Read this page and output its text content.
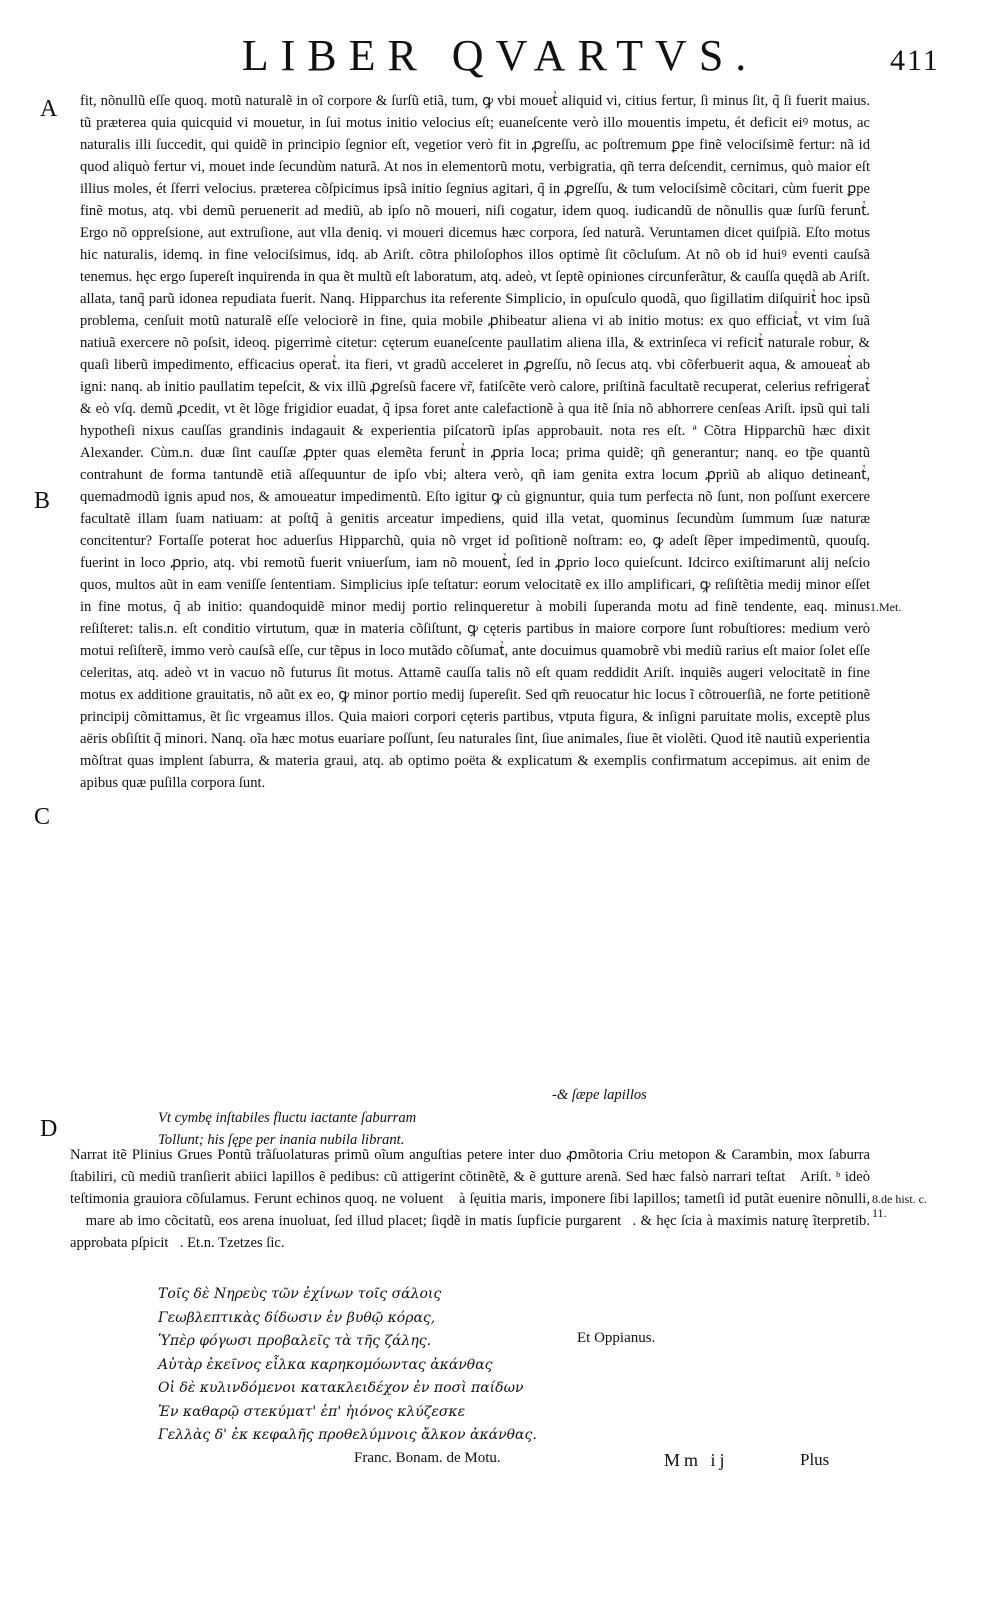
LIBER QVARTVS.	411
A
B
C
D
1.Met.
8.de hist. c. 11.

fit, nõnullũ eſſe quoq. motũ naturalẽ in oĩ corpore & ſurſũ etiã, tum, ꝙ vbi mouetᷣ aliquid vi, citius fertur, ſi minus ſit, q̃ ſi fuerit maius. tũ præterea quia quicquid vi mouetur, in ſui motus initio velocius eſt; euaneſcente verò illo mouentis impetu, ét deficit eiꝰ motus, ac naturalis illi ſuccedit, qui quidẽ in principio ſegnior eſt, vegetior verò fit in ꝓgreſſu, ac poſtremum ꝑpe finẽ velociſsimẽ fertur: nã id quod aliquò fertur vi, mouet inde ſecundùm naturã. At nos in elementorũ motu, verbigratia, qñ terra deſcendit, cernimus, quò maior eſt illius moles, ét ſferri velocius. præterea cõſpicimus ipsã initio ſegnius agitari, q̃ in ꝓgreſſu, & tum velociſsimẽ cõcitari, cùm fuerit ꝑpe finẽ motus, atq. vbi demũ peruenerit ad mediũ, ab ipſo nõ moueri, niſi cogatur, idem quoq. iudicandũ de nõnullis quæ ſurſũ feruntᷣ. Ergo nõ oppreſsione, aut extruſione, aut vlla deniq. vi moueri dicemus hæc corpora, ſed naturã. Veruntamen dicet quiſpiã. Eſto motus hic naturalis, idemq. in fine velociſsimus, idq. ab Ariſt. cõtra philoſophos illos optimè ſit cõcluſum. At nõ ob id huiꝰ eventi cauſsã tenemus. hęc ergo ſupereſt inquirenda in qua ẽt multũ eſt laboratum, atq. adeò, vt ſeptẽ opiniones circunferãtur, & cauſſa quędã ab Ariſt. allata, tanq̃ parũ idonea repudiata fuerit. Nanq. Hipparchus ita referente Simplicio, in opuſculo quodã, quo ſigillatim diſquiritᷣ hoc ipsũ problema, cenſuit motũ naturalẽ eſſe velociorẽ in fine, quia mobile ꝓhibeatur aliena vi ab initio motus: ex quo efficiatᷣ, vt vim ſuã natiuã exercere nõ poſsit, ideoq. pigerrimè citetur: cęterum euaneſcente paullatim aliena illa, & extrinſeca vi reficitᷣ naturale robur, & quaſi liberũ impedimento, efficacius operatᷣ. ita fieri, vt gradũ acceleret in ꝓgreſſu, nõ ſecus atq. vbi cõferbuerit aqua, & amoueatᷣ ab igni: nanq. ab initio paullatim tepeſcit, & vix illũ ꝓgreſsũ facere vr̃, fatiſcẽte verò calore, priſtinã facultatẽ recuperat, celerius refrigeratᷣ & eò vſq. demũ ꝓcedit, vt ẽt lõge frigidior euadat, q̃ ipsa foret ante calefactionẽ à qua itẽ ſnia nõ abhorrere cenſeas Ariſt. ipsũ qui tali hypotheſi nixus cauſſas grandinis indagauit & experientia piſcatorũ ipſas approbauit. nota res eſt. ª Cõtra Hipparchũ hæc dixit Alexander. Cùm.n. duæ ſint cauſſæ ꝓpter quas elemẽta feruntᷣ in ꝓpria loca; prima quidẽ; qñ generantur; nanq. eo tp̃e quantũ contrahunt de forma tantundẽ etiã aſſequuntur de ipſo vbi; altera verò, qñ iam genita extra locum ꝓpriũ ab aliquo detineantᷣ, quemadmodũ ignis apud nos, & amoueatur impedimentũ. Eſto igitur ꝙ cù gignuntur, quia tum perfecta nõ ſunt, non poſſunt exercere facultatẽ illam ſuam natiuam: at poſtq̃ à genitis arceatur impediens, quid illa vetat, quominus ſecundùm ſummum ſuæ naturæ concitentur? Fortaſſe poterat hoc aduerſus Hipparchũ, quia nõ vrget id poſitionẽ noſtram: eo, ꝙ adeſt ſẽper impedimentũ, quouſq. fuerint in loco ꝓprio, atq. vbi remotũ fuerit vniuerſum, iam nõ mouentᷣ, ſed in ꝓprio loco quieſcunt. Idcirco exiſtimarunt alij neſcio quos, multos aũt in eam veniſſe ſententiam. Simplicius ipſe teſtatur: eorum velocitatẽ ex illo amplificari, ꝙ reſiſtẽtia medij minor eſſet in fine motus, q̃ ab initio: quandoquidẽ minor medij portio relinqueretur à mobili ſuperanda motu ad finẽ tendente, eaq. minus reſiſteret: talis.n. eſt conditio virtutum, quæ in materia cõſiſtunt, ꝙ cęteris partibus in maiore corpore ſunt robuſtiores: medium verò motui reſiſterẽ, immo verò cauſsã eſſe, cur tẽpus in loco mutãdo cõſumatᷣ, ante docuimus quamobrẽ vbi mediũ rarius eſt maior ſolet eſſe celeritas, atq. adeò vt in vacuo nõ futurus ſit motus. Attamẽ cauſſa talis nõ eſt quam reddidit Ariſt. inquiẽs augeri velocitatẽ in fine motus ex additione grauitatis, nõ aũt ex eo, ꝙ minor portio medij ſupereſit. Sed qm̃ reuocatur hic locus ĩ cõtrouerſiã, ne forte petitionẽ principij cõmittamus, ẽt ſic vrgeamus illos. Quia maiori corpori cęteris partibus, vtputa figura, & inſigni paruitate molis, exceptẽ plus aëris obſiſtit q̃ minori. Nanq. oĩa hæc motus euariare poſſunt, ſeu naturales ſint, ſiue animales, ſiue ẽt violẽti. Quod itẽ nautiũ experientia mõſtrat quas implent ſaburra, & materia graui, atq. ab optimo poëta & explicatum & exemplis confirmatum accepimus. ait enim de apibus quæ puſilla corpora ſunt.

-& ſæpe lapillos
Vt cymbę inſtabiles fluctu iactante ſaburram
Tollunt; his ſępe per inania nubila librant.
Narrat itẽ Plinius Grues Pontũ trãſuolaturas primũ oĩum anguſtias petere inter duo ꝓmõtoria Criu metopon & Carambin, mox ſaburra ſtabiliri, cũ mediũ tranſierit abiici lapillos ẽ pedibus: cũ attigerint cõtinẽtẽ, & ẽ gutture arenã. Sed hæc falsò narrari teſtatᷣ Ariſt. ᵇ ideò teſtimonia grauiora cõſulamus. Ferunt echinos quoq. ne voluentᷣ à ſęuitia maris, imponere ſibi lapillos; tametſi id putãt euenire nõnulli, ꝙ mare ab imo cõcitatũ, eos arena inuoluat, ſed illud placet; ſiqdẽ in matis ſupficie purgarentᷣ. & hęc ſcia à maximis naturę ĩterpretib. approbata pſpicitᷣ. Et.n. Tzetzes ſic.
Τοῖς δὲ Νηρεὺς τῶν ἐχίνων τοῖς σάλοις
Γεωβλεπτικὰς δίδωσιν ἐν βυθῷ κόρας,
Ὑπὲρ φόγωσι προβαλεῖς τὰ τῆς ζάλης.
Αὐτὰρ ἐκεῖνος εἶλκα καρηκομόωντας ἀκάνθας
Οἱ δὲ κυλινδόμενοι κατακλειδέχον ἐν ποσὶ παίδων
Ἐν καθαρῷ στεκύματ' ἐπ' ἠιόνος κλύζεσκε
Γελλὰς δ' ἐκ κεφαλῆς προθελύμνοις ἄλκον ἀκάνθας.
Et Oppianus.
Franc. Bonam. de Motu.	Mm ij	Plus
